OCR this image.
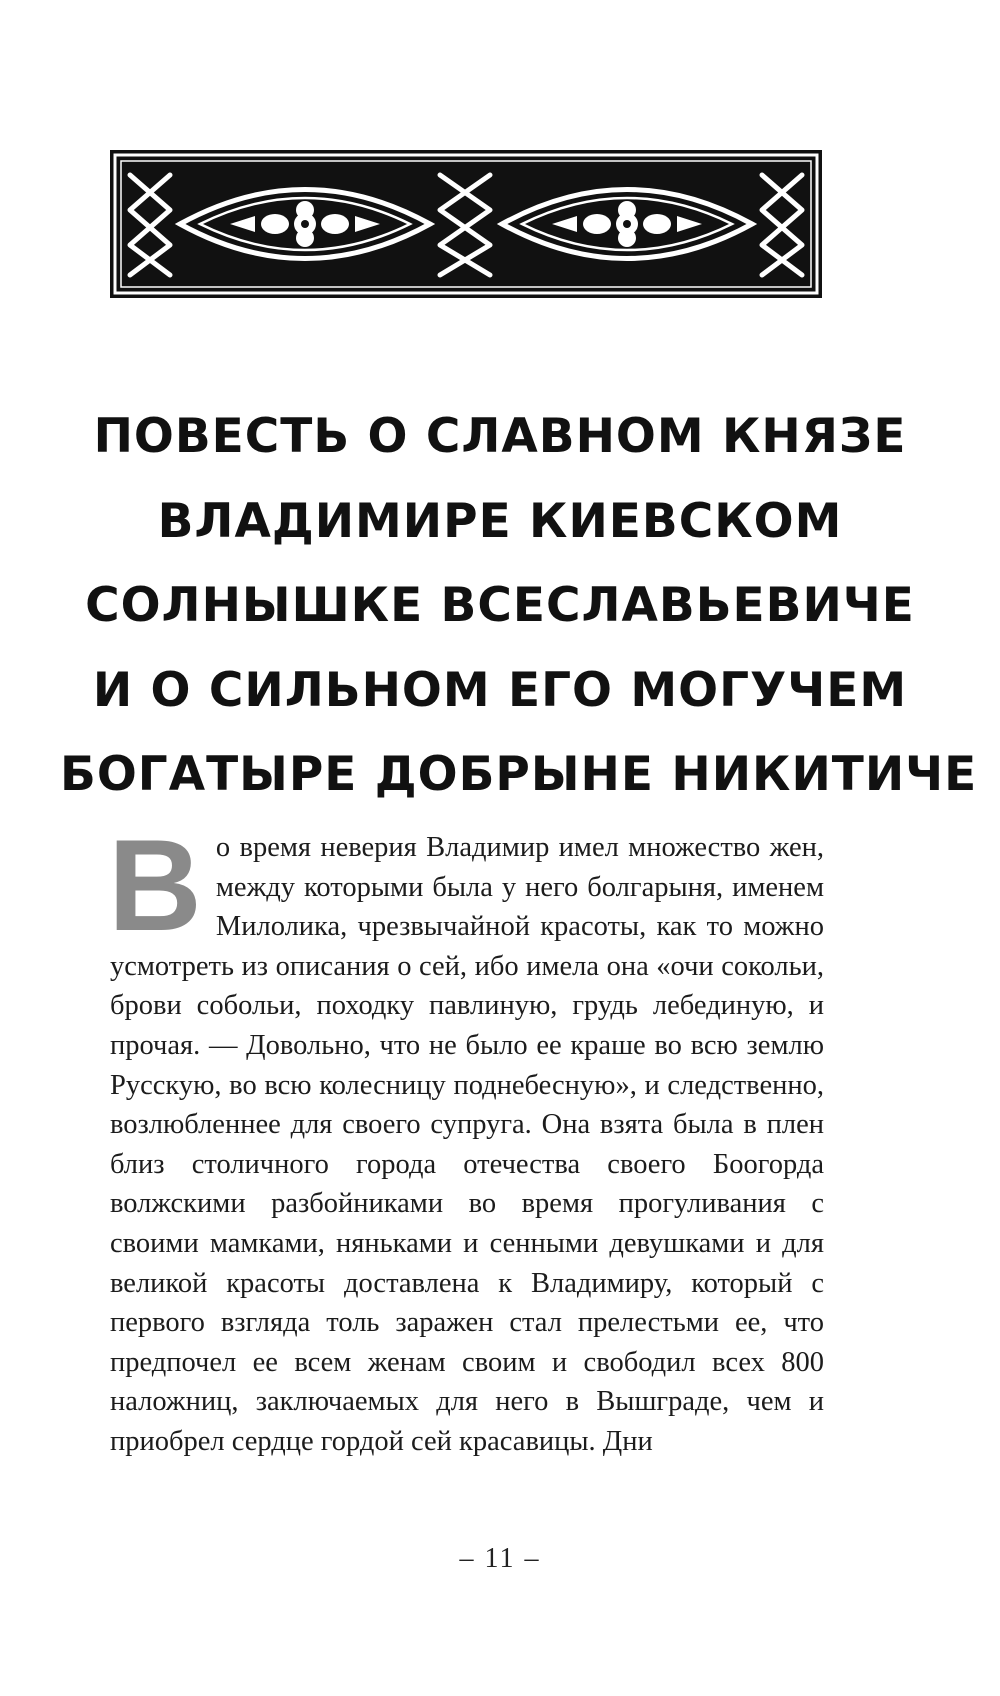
ПОВЕСТЬ О СЛАВНОМ КНЯЗЕ
ВЛАДИМИРЕ КИЕВСКОМ
СОЛНЫШКЕ ВСЕСЛАВЬЕВИЧЕ
И О СИЛЬНОМ ЕГО МОГУЧЕМ
БОГАТЫРЕ ДОБРЫНЕ НИКИТИЧЕ

Во время неверия Владимир имел множество жен, между которыми была у него болгарыня, именем Милолика, чрезвычайной красоты, как то можно усмотреть из описания о сей, ибо имела она «очи сокольи, брови собольи, походку павлиную, грудь лебединую, и прочая. — Довольно, что не было ее краше во всю землю Русскую, во всю колесницу поднебесную», и следственно, возлюбленнее для своего супруга. Она взята была в плен близ столичного города отечества своего Боогорда волжскими разбойниками во время прогуливания с своими мамками, няньками и сенными девушками и для великой красоты доставлена к Владимиру, который с первого взгляда толь заражен стал прелестьми ее, что предпочел ее всем женам своим и свободил всех 800 наложниц, заключаемых для него в Вышграде, чем и приобрел сердце гордой сей красавицы. Дни

– 11 –
